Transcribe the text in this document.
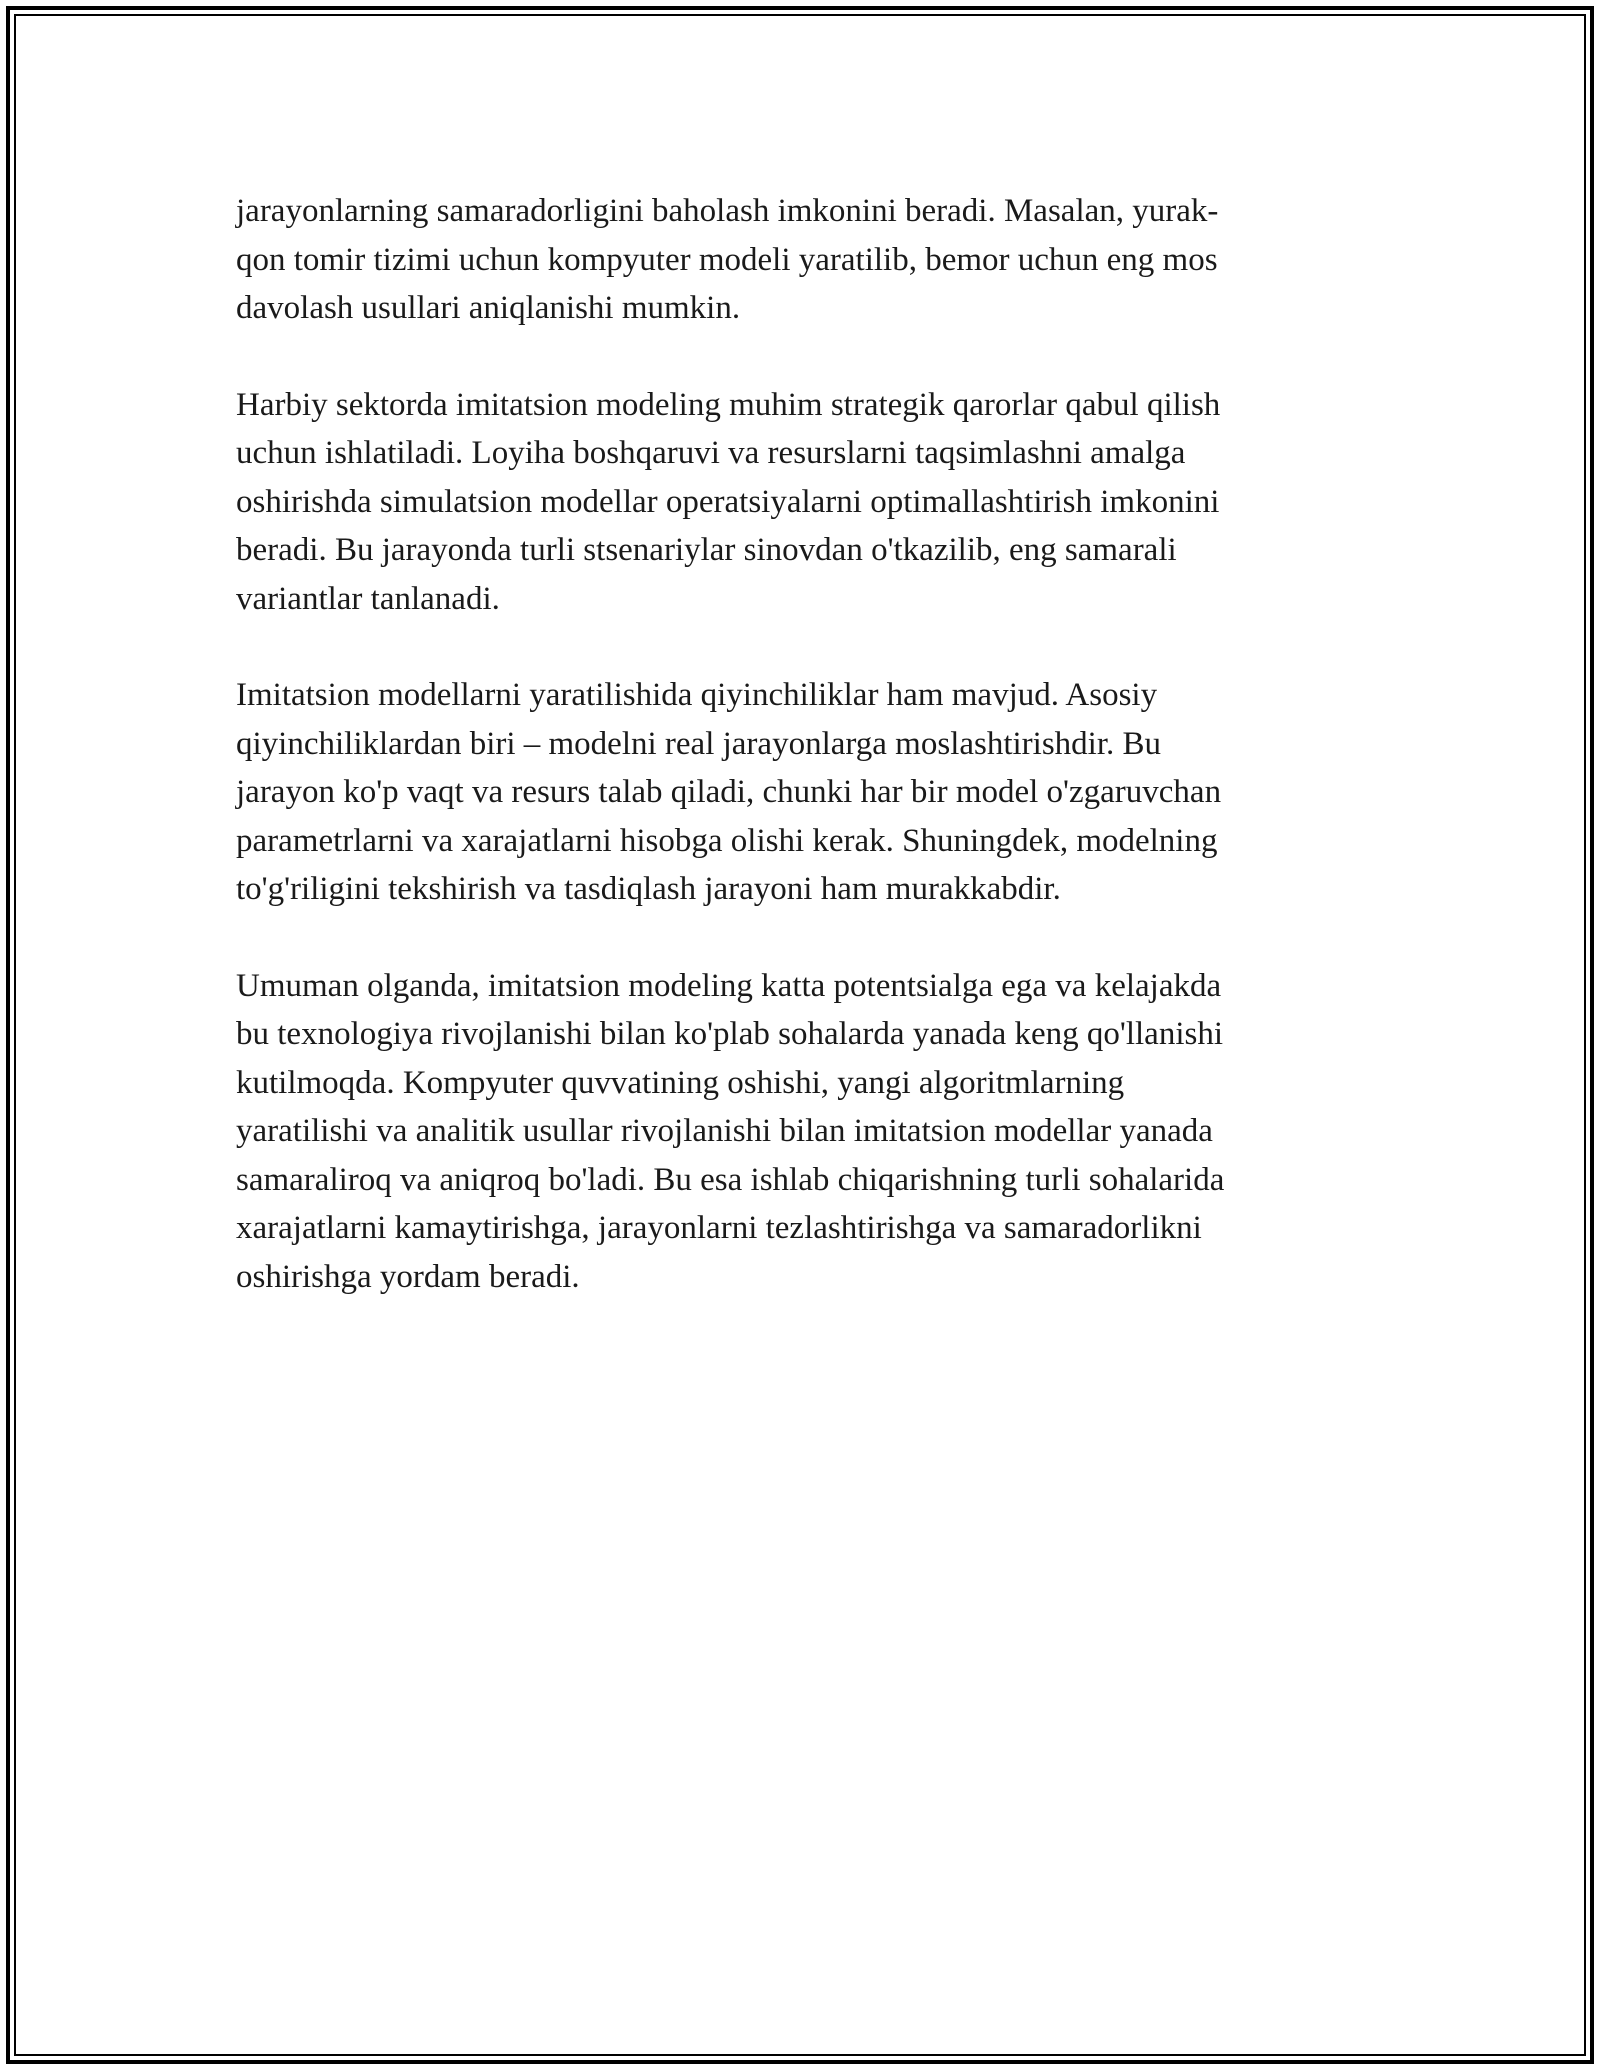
jarayonlarning samaradorligini baholash imkonini beradi. Masalan, yurak-
qon tomir tizimi uchun kompyuter modeli yaratilib, bemor uchun eng mos
davolash usullari aniqlanishi mumkin.

Harbiy sektorda imitatsion modeling muhim strategik qarorlar qabul qilish
uchun ishlatiladi. Loyiha boshqaruvi va resurslarni taqsimlashni amalga
oshirishda simulatsion modellar operatsiyalarni optimallashtirish imkonini
beradi. Bu jarayonda turli stsenariylar sinovdan o'tkazilib, eng samarali
variantlar tanlanadi.

Imitatsion modellarni yaratilishida qiyinchiliklar ham mavjud. Asosiy
qiyinchiliklardan biri – modelni real jarayonlarga moslashtirishdir. Bu
jarayon ko'p vaqt va resurs talab qiladi, chunki har bir model o'zgaruvchan
parametrlarni va xarajatlarni hisobga olishi kerak. Shuningdek, modelning
to'g'riligini tekshirish va tasdiqlash jarayoni ham murakkabdir.

Umuman olganda, imitatsion modeling katta potentsialga ega va kelajakda
bu texnologiya rivojlanishi bilan ko'plab sohalarda yanada keng qo'llanishi
kutilmoqda. Kompyuter quvvatining oshishi, yangi algoritmlarning
yaratilishi va analitik usullar rivojlanishi bilan imitatsion modellar yanada
samaraliroq va aniqroq bo'ladi. Bu esa ishlab chiqarishning turli sohalarida
xarajatlarni kamaytirishga, jarayonlarni tezlashtirishga va samaradorlikni
oshirishga yordam beradi.
